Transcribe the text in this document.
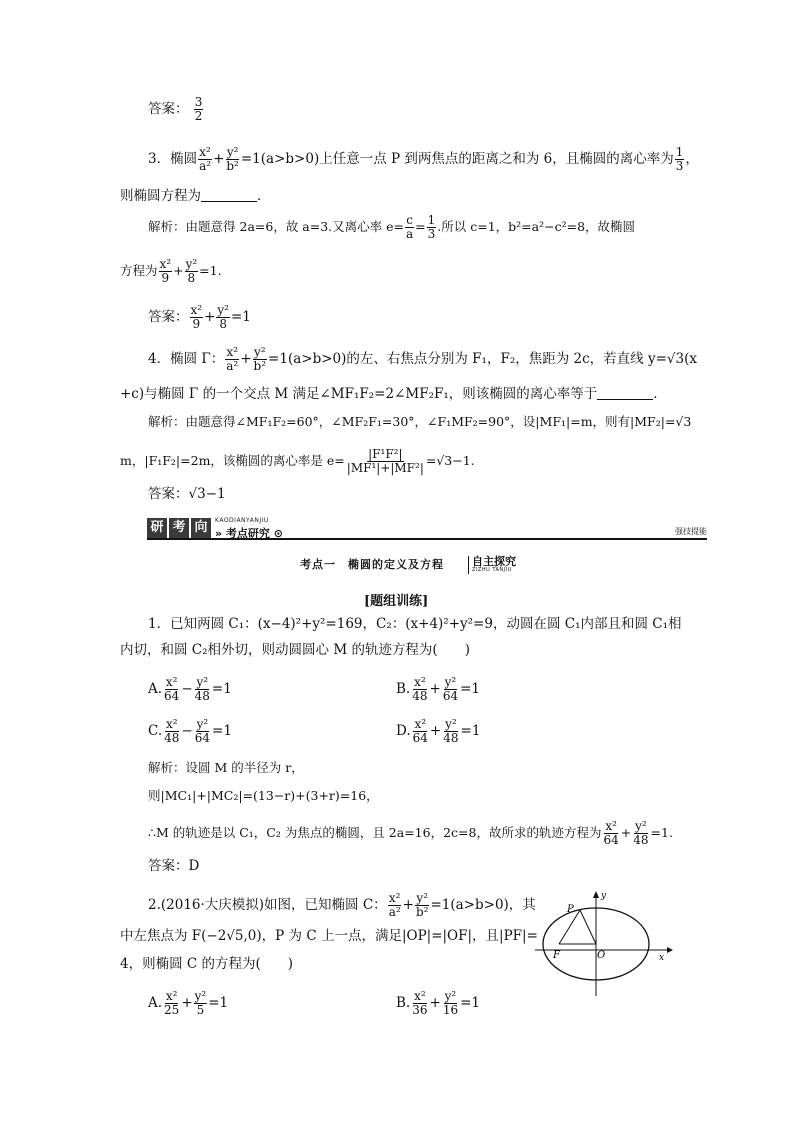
答案： $\frac{3}{2}$
3．椭圆 $\frac{\text{x²}}{\text{a²}} + \frac{\text{y²}}{\text{b²}} =1(a>b>0)$上任意一点 P 到两焦点的距离之和为 6，且椭圆的离心率为 $\frac{1}{3}$ ，
则椭圆方程为	．
解析：由题意得 2a=6，故 a=3.又离心率 $e= \frac{c}{a} = \frac{1}{3}$ .所以 c=1，b²=a²−c²=8，故椭圆
方程为 $\frac{\text{x²}}{9} + \frac{\text{y²}}{8} =1$.
答案： $\frac{\text{x²}}{9} + \frac{\text{y²}}{8} =1$
4．椭圆 Γ： $\frac{\text{x²}}{\text{a²}} + \frac{\text{y²}}{\text{b²}} =1(a>b>0)$的左、右焦点分别为 F₁，F₂，焦距为 2c，若直线 y=√3(x
+c)与椭圆 Γ 的一个交点 M 满足∠MF₁F₂=2∠MF₂F₁，则该椭圆的离心率等于	．
解析：由题意得∠MF₁F₂=60°，∠MF₂F₁=30°，∠F₁MF₂=90°，设|MF₁|=m，则有|MF₂|=√3
m，|F₁F₂|=2m，该椭圆的离心率是 $e= \frac{\text{|F¹F²|}}{\text{|MF¹|+|MF²|}} =√3-1$.
答案：√3−1
研 考 向	KAODIANYANJIU
» 考点研究 ⊙	强技提能
考点一　椭圆的定义及方程	自主探究
ZIZHU TANJIU
[题组训练]
1．已知两圆 C₁：(x−4)²+y²=169，C₂：(x+4)²+y²=9，动圆在圆 C₁内部且和圆 C₁相
内切，和圆 C₂相外切，则动圆圆心 M 的轨迹方程为(　　)
A. $\frac{\text{x²}}{64} - \frac{\text{y²}}{48} =1$	B. $\frac{\text{x²}}{48} + \frac{\text{y²}}{64} =1$
C. $\frac{\text{x²}}{48} - \frac{\text{y²}}{64} =1$	D. $\frac{\text{x²}}{64} + \frac{\text{y²}}{48} =1$
解析：设圆 M 的半径为 r，
则|MC₁|+|MC₂|=(13−r)+(3+r)=16，
∴M 的轨迹是以 C₁，C₂ 为焦点的椭圆，且 2a=16，2c=8，故所求的轨迹方程为 $\frac{\text{x²}}{64} + \frac{\text{y²}}{48} =1$.
答案：D
2.(2016·大庆模拟)如图，已知椭圆 C： $\frac{\text{x²}}{\text{a²}} + \frac{\text{y²}}{\text{b²}} =1(a>b>0)$，其
中左焦点为 F(−2√5,0)，P 为 C 上一点，满足|OP|=|OF|，且|PF|=
4，则椭圆 C 的方程为(　　)
A. $\frac{\text{x²}}{25} + \frac{\text{y²}}{5} =1$	B. $\frac{\text{x²}}{36} + \frac{\text{y²}}{16} =1$
P
F	O	x
y
